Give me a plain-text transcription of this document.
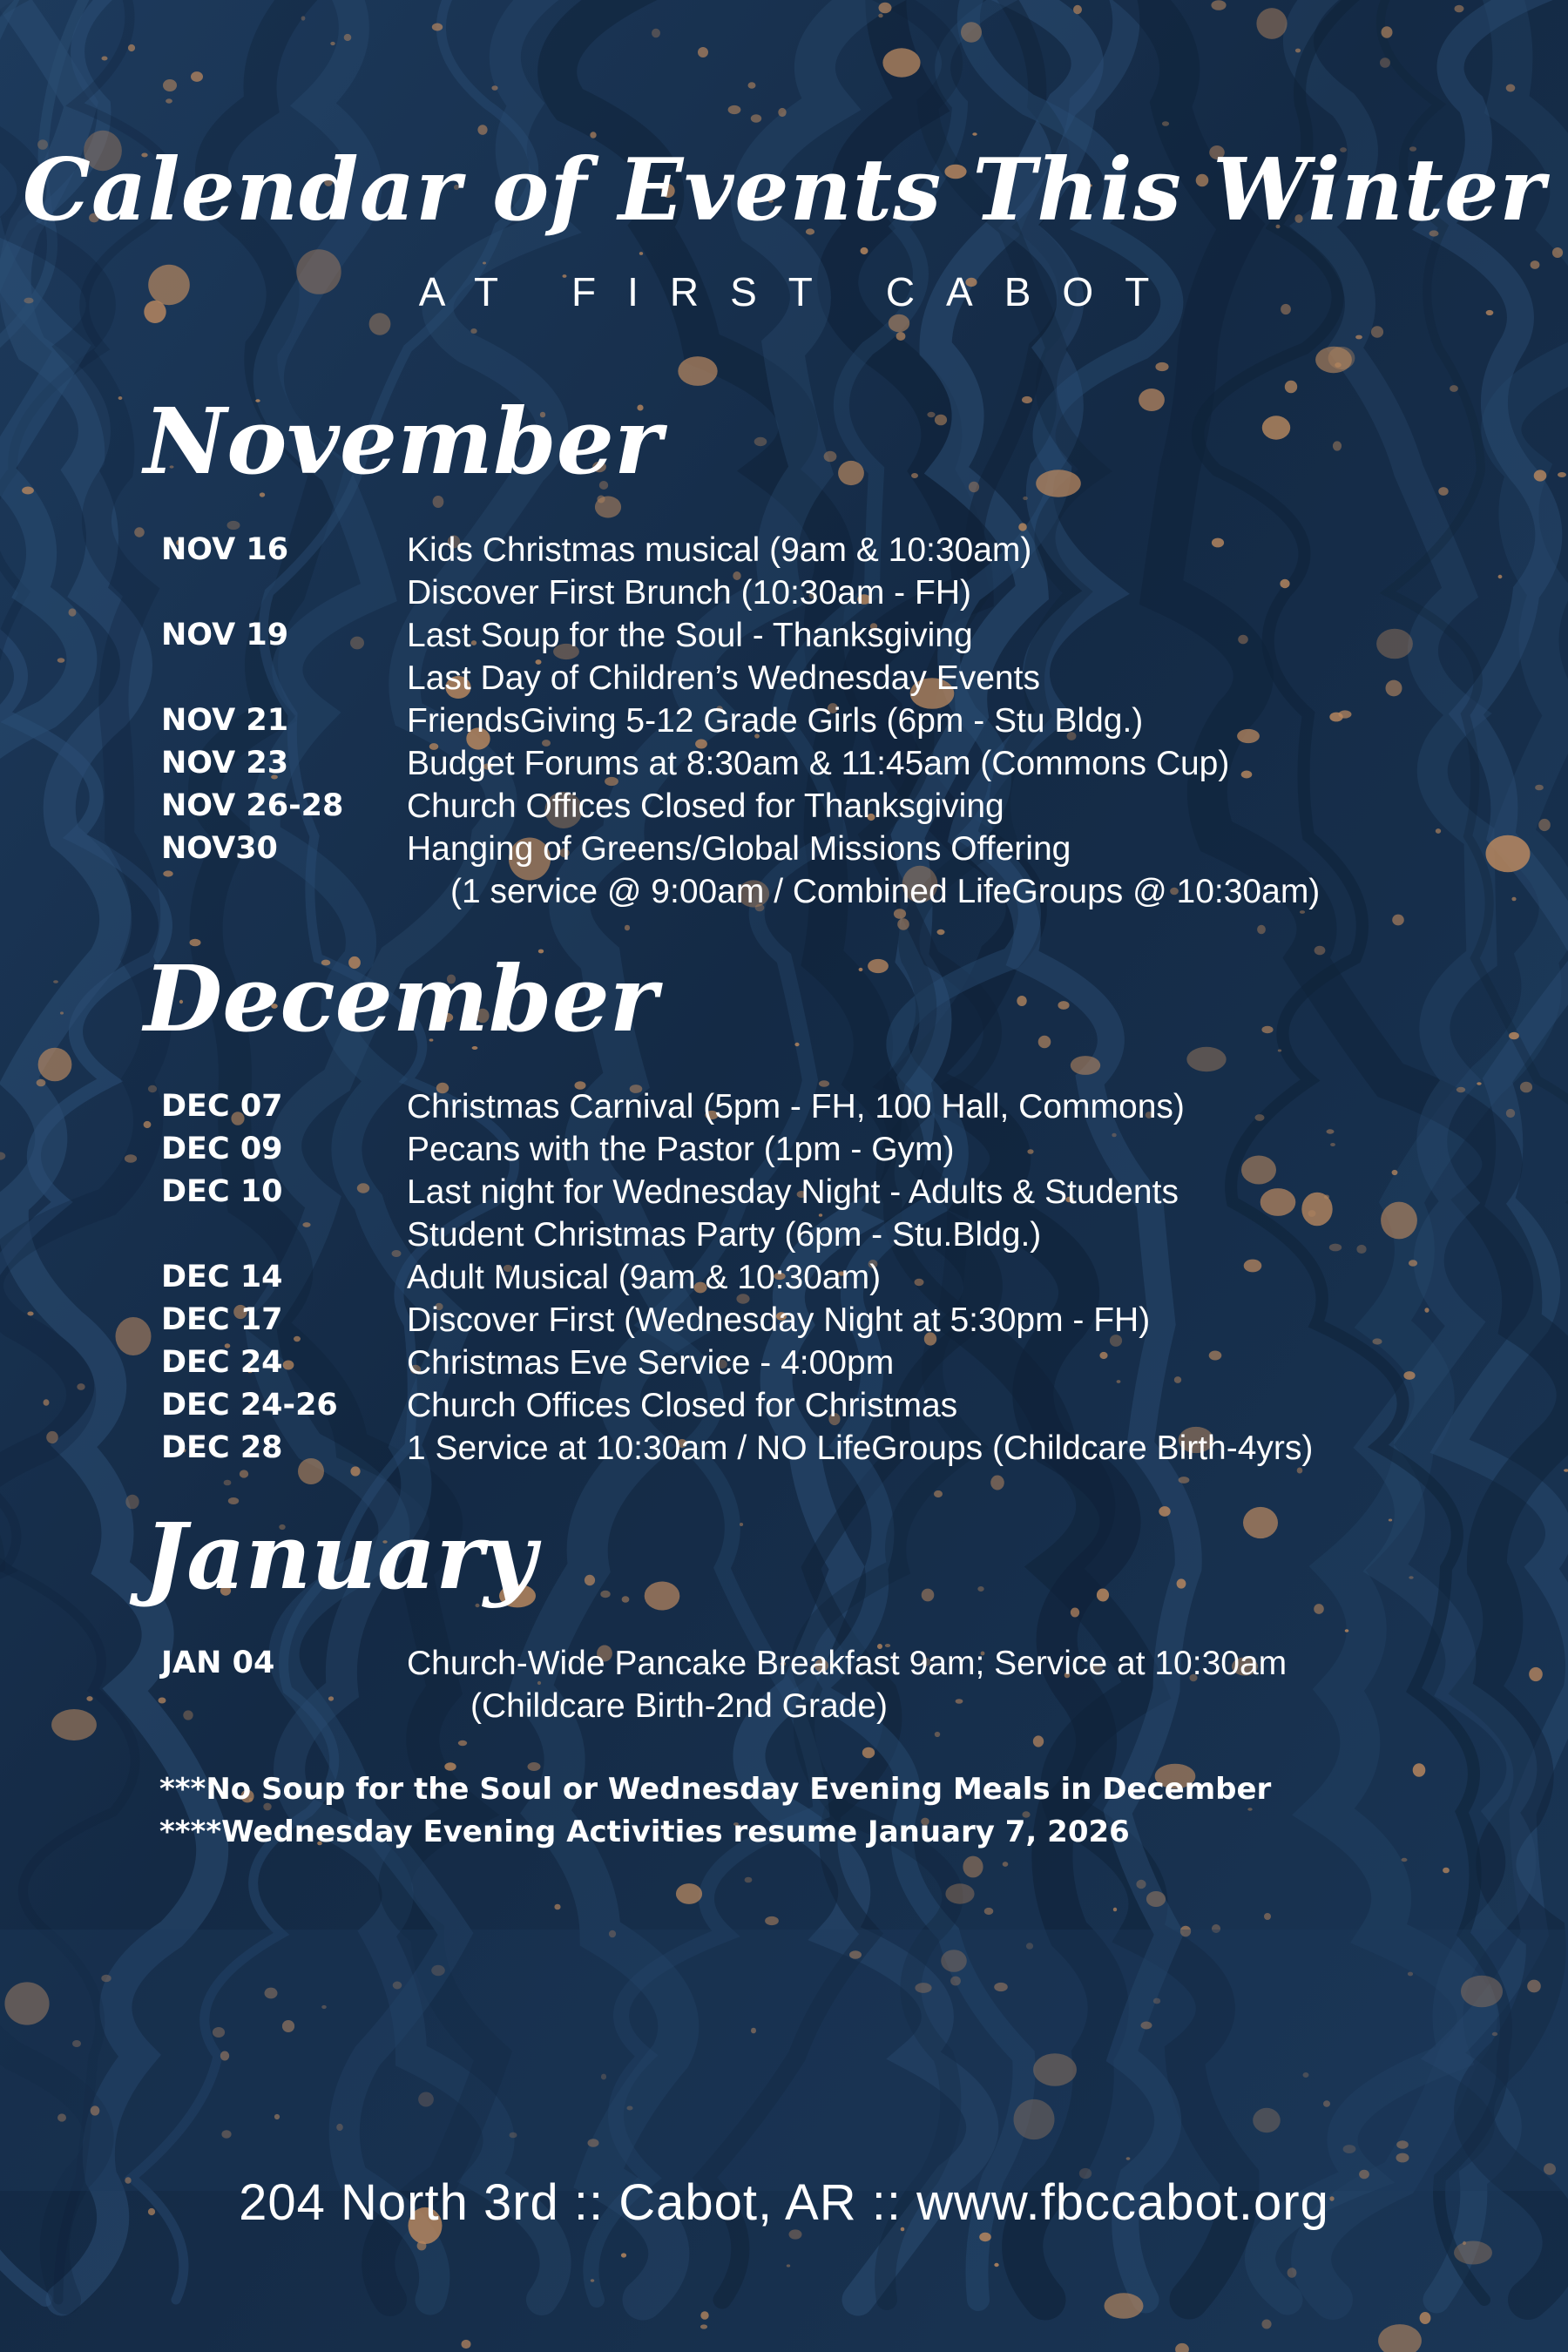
Calendar of Events This Winter
AT FIRST CABOT
November
NOV 16	Kids Christmas musical (9am & 10:30am)
Discover First Brunch (10:30am - FH)
NOV 19	Last Soup for the Soul - Thanksgiving
Last Day of Children’s Wednesday Events
NOV 21	FriendsGiving 5-12 Grade Girls (6pm - Stu Bldg.)
NOV 23	Budget Forums at 8:30am & 11:45am (Commons Cup)
NOV 26-28 Church Offices Closed for Thanksgiving
NOV30	Hanging of Greens/Global Missions Offering
(1 service @ 9:00am / Combined LifeGroups @ 10:30am)
December
DEC 07	Christmas Carnival (5pm - FH, 100 Hall, Commons)
DEC 09	Pecans with the Pastor (1pm - Gym)
DEC 10	Last night for Wednesday Night - Adults & Students
Student Christmas Party (6pm - Stu.Bldg.)
DEC 14	Adult Musical (9am & 10:30am)
DEC 17	Discover First (Wednesday Night at 5:30pm - FH)
DEC 24	Christmas Eve Service - 4:00pm
DEC 24-26 Church Offices Closed for Christmas
DEC 28	1 Service at 10:30am / NO LifeGroups (Childcare Birth-4yrs)
January
JAN 04	Church-Wide Pancake Breakfast 9am; Service at 10:30am
(Childcare Birth-2nd Grade)
***No Soup for the Soul or Wednesday Evening Meals in December
****Wednesday Evening Activities resume January 7, 2026
204 North 3rd :: Cabot, AR :: www.fbccabot.org
